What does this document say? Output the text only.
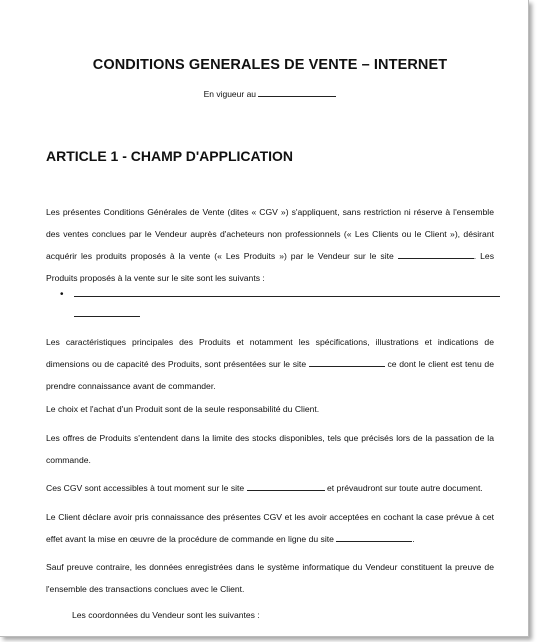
CONDITIONS GENERALES DE VENTE – INTERNET
En vigueur au
ARTICLE 1 - CHAMP D'APPLICATION
Les présentes Conditions Générales de Vente (dites « CGV ») s'appliquent, sans restriction ni réserve à l'ensemble
des ventes conclues par le Vendeur auprès d'acheteurs non professionnels (« Les Clients ou le Client »), désirant
acquérir les produits proposés à la vente (« Les Produits ») par le Vendeur sur le site	. Les
Produits proposés à la vente sur le site sont les suivants :
•
Les caractéristiques principales des Produits et notamment les spécifications, illustrations et indications de
dimensions ou de capacité des Produits, sont présentées sur le site	ce dont le client est tenu de
prendre connaissance avant de commander.
Le choix et l'achat d'un Produit sont de la seule responsabilité du Client.
Les offres de Produits s'entendent dans la limite des stocks disponibles, tels que précisés lors de la passation de la
commande.
Ces CGV sont accessibles à tout moment sur le site	et prévaudront sur toute autre document.
Le Client déclare avoir pris connaissance des présentes CGV et les avoir acceptées en cochant la case prévue à cet
effet avant la mise en œuvre de la procédure de commande en ligne du site	.
Sauf preuve contraire, les données enregistrées dans le système informatique du Vendeur constituent la preuve de
l'ensemble des transactions conclues avec le Client.
Les coordonnées du Vendeur sont les suivantes :
